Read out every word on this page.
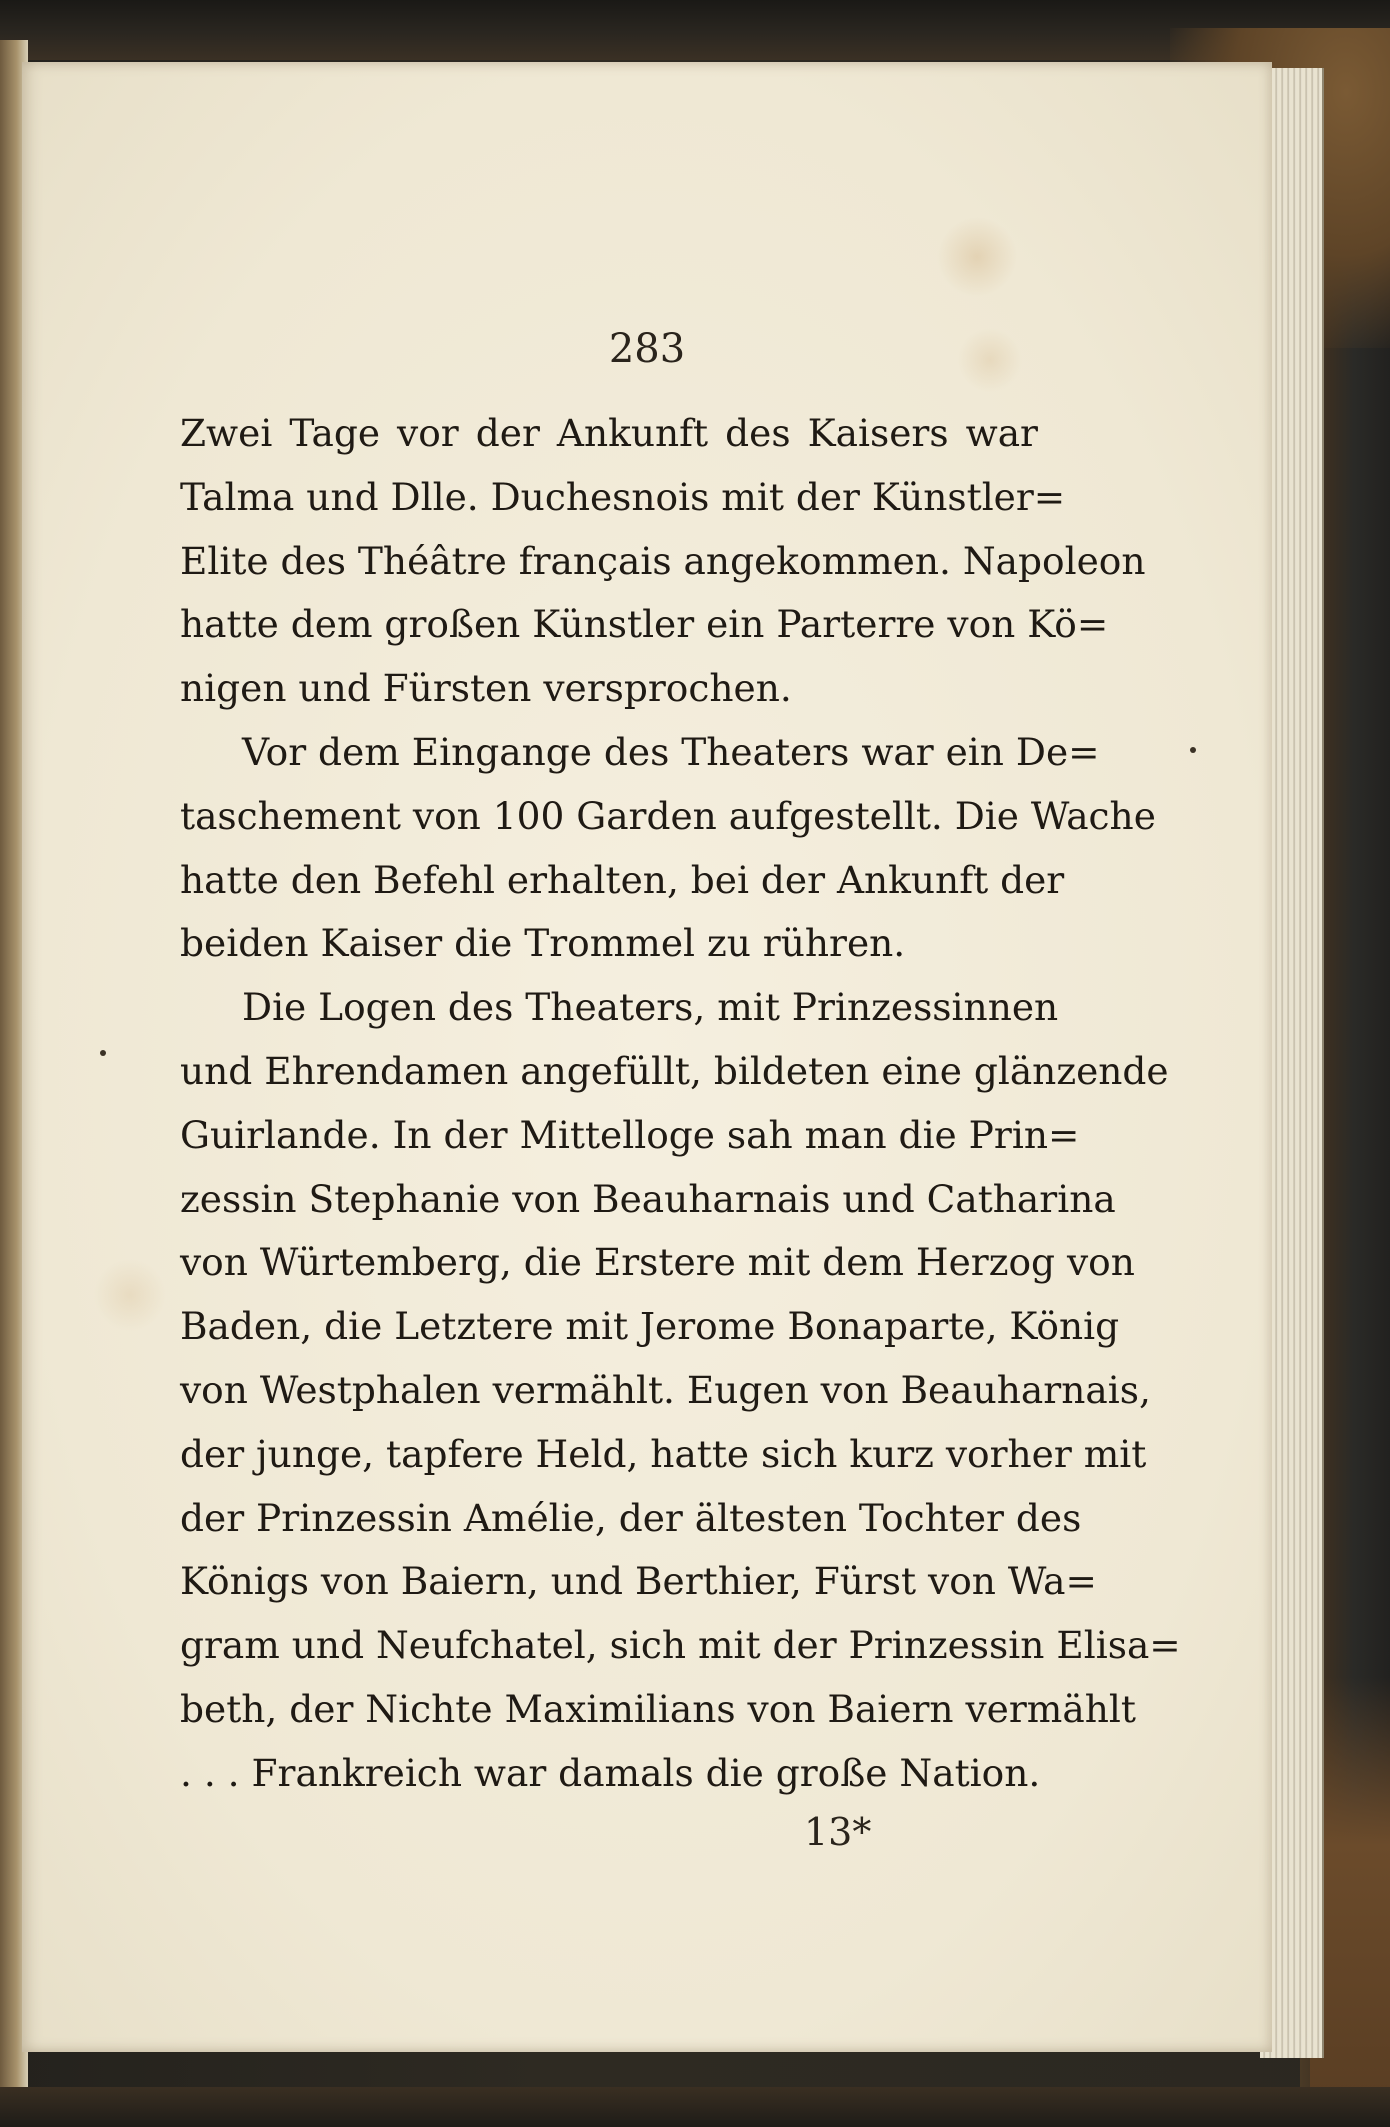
283

Zwei Tage vor der Ankunft des Kaisers war
Talma und Dlle. Duchesnois mit der Künstler=
Elite des Théâtre français angekommen. Napoleon
hatte dem großen Künstler ein Parterre von Kö=
nigen und Fürsten versprochen.
Vor dem Eingange des Theaters war ein De=
taschement von 100 Garden aufgestellt. Die Wache
hatte den Befehl erhalten, bei der Ankunft der
beiden Kaiser die Trommel zu rühren.
Die Logen des Theaters, mit Prinzessinnen
und Ehrendamen angefüllt, bildeten eine glänzende
Guirlande. In der Mittelloge sah man die Prin=
zessin Stephanie von Beauharnais und Catharina
von Würtemberg, die Erstere mit dem Herzog von
Baden, die Letztere mit Jerome Bonaparte, König
von Westphalen vermählt. Eugen von Beauharnais,
der junge, tapfere Held, hatte sich kurz vorher mit
der Prinzessin Amélie, der ältesten Tochter des
Königs von Baiern, und Berthier, Fürst von Wa=
gram und Neufchatel, sich mit der Prinzessin Elisa=
beth, der Nichte Maximilians von Baiern vermählt
. . . Frankreich war damals die große Nation.

13*
